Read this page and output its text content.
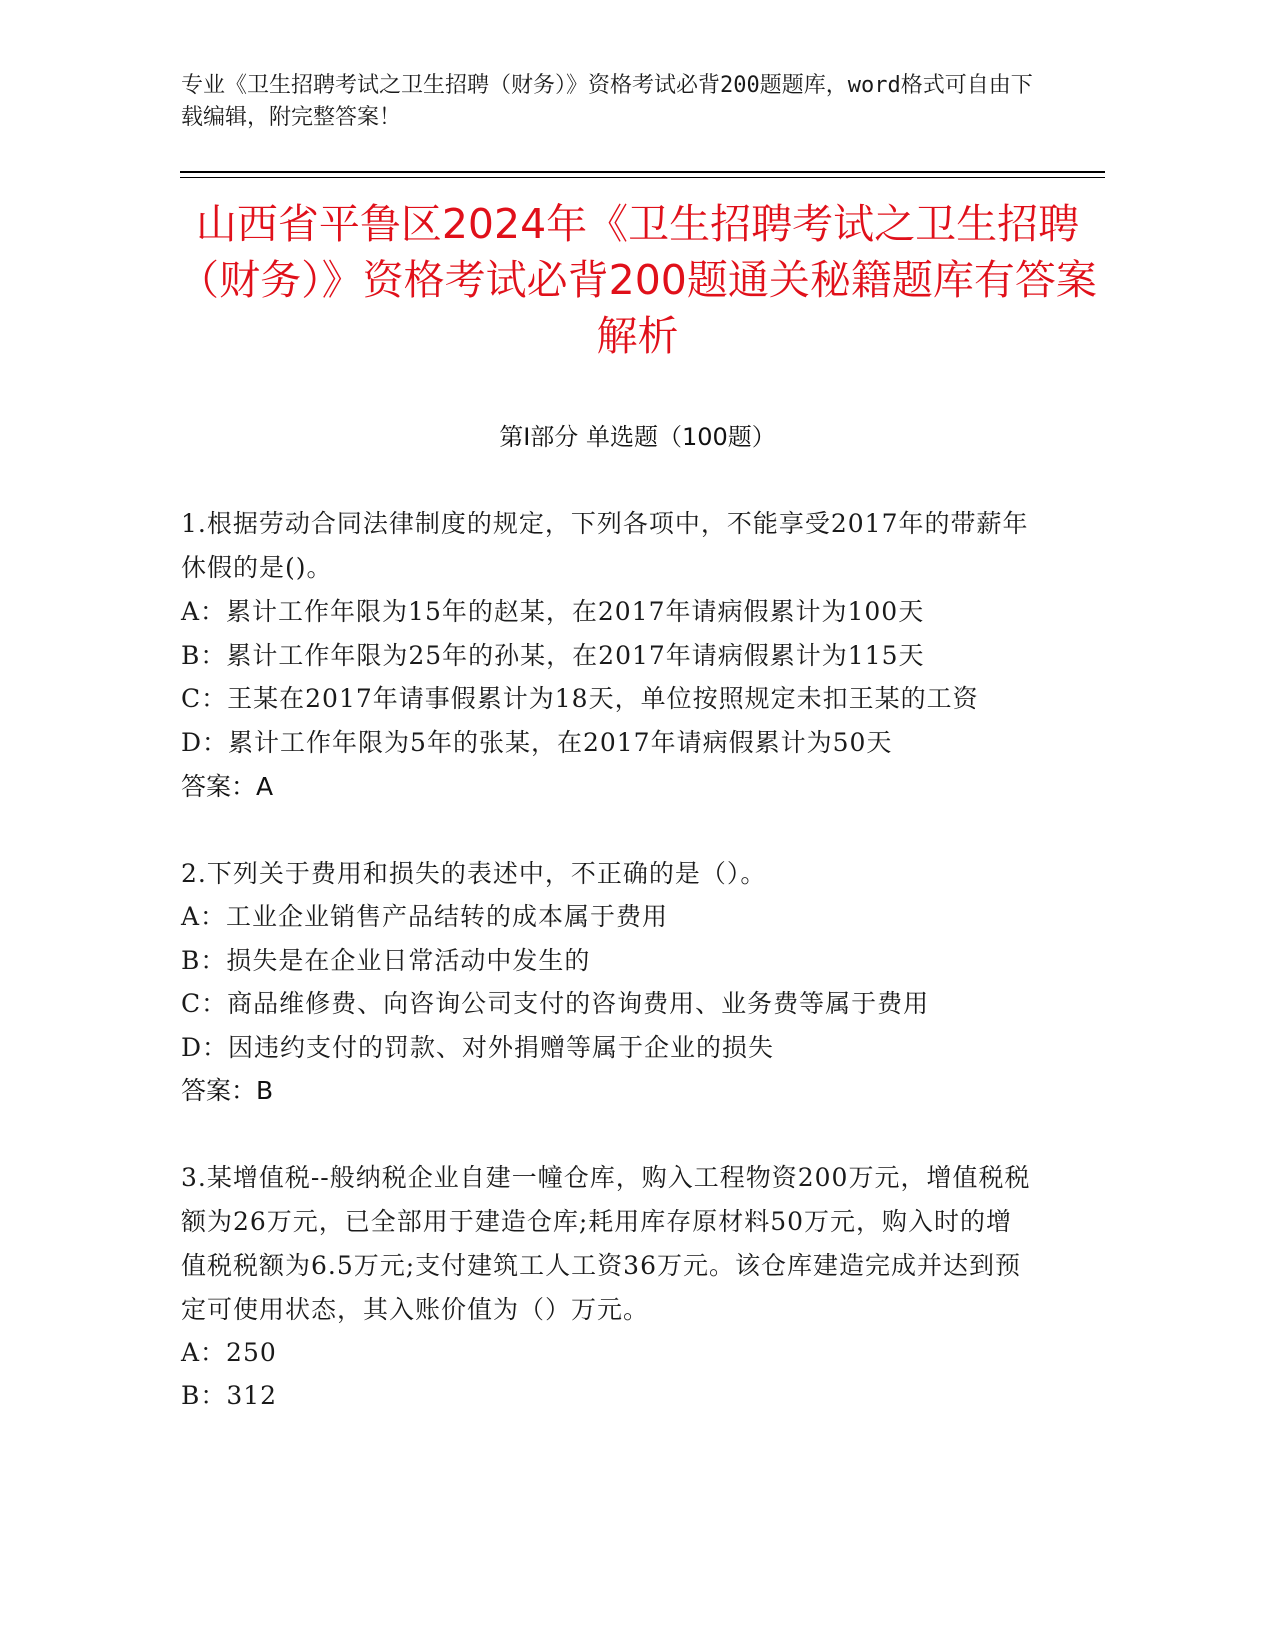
专业《卫生招聘考试之卫生招聘（财务）》资格考试必背200题题库，word格式可自由下载编辑，附完整答案！
山西省平鲁区2024年《卫生招聘考试之卫生招聘（财务）》资格考试必背200题通关秘籍题库有答案解析
第Ⅰ部分 单选题（100题）
1.根据劳动合同法律制度的规定，下列各项中，不能享受2017年的带薪年休假的是()。
A：累计工作年限为15年的赵某，在2017年请病假累计为100天
B：累计工作年限为25年的孙某，在2017年请病假累计为115天
C：王某在2017年请事假累计为18天，单位按照规定未扣王某的工资
D：累计工作年限为5年的张某，在2017年请病假累计为50天
答案：A
2.下列关于费用和损失的表述中，不正确的是（）。
A：工业企业销售产品结转的成本属于费用
B：损失是在企业日常活动中发生的
C：商品维修费、向咨询公司支付的咨询费用、业务费等属于费用
D：因违约支付的罚款、对外捐赠等属于企业的损失
答案：B
3.某增值税--般纳税企业自建一幢仓库，购入工程物资200万元，增值税税额为26万元，已全部用于建造仓库;耗用库存原材料50万元，购入时的增值税税额为6.5万元;支付建筑工人工资36万元。该仓库建造完成并达到预定可使用状态，其入账价值为（）万元。
A：250
B：312
